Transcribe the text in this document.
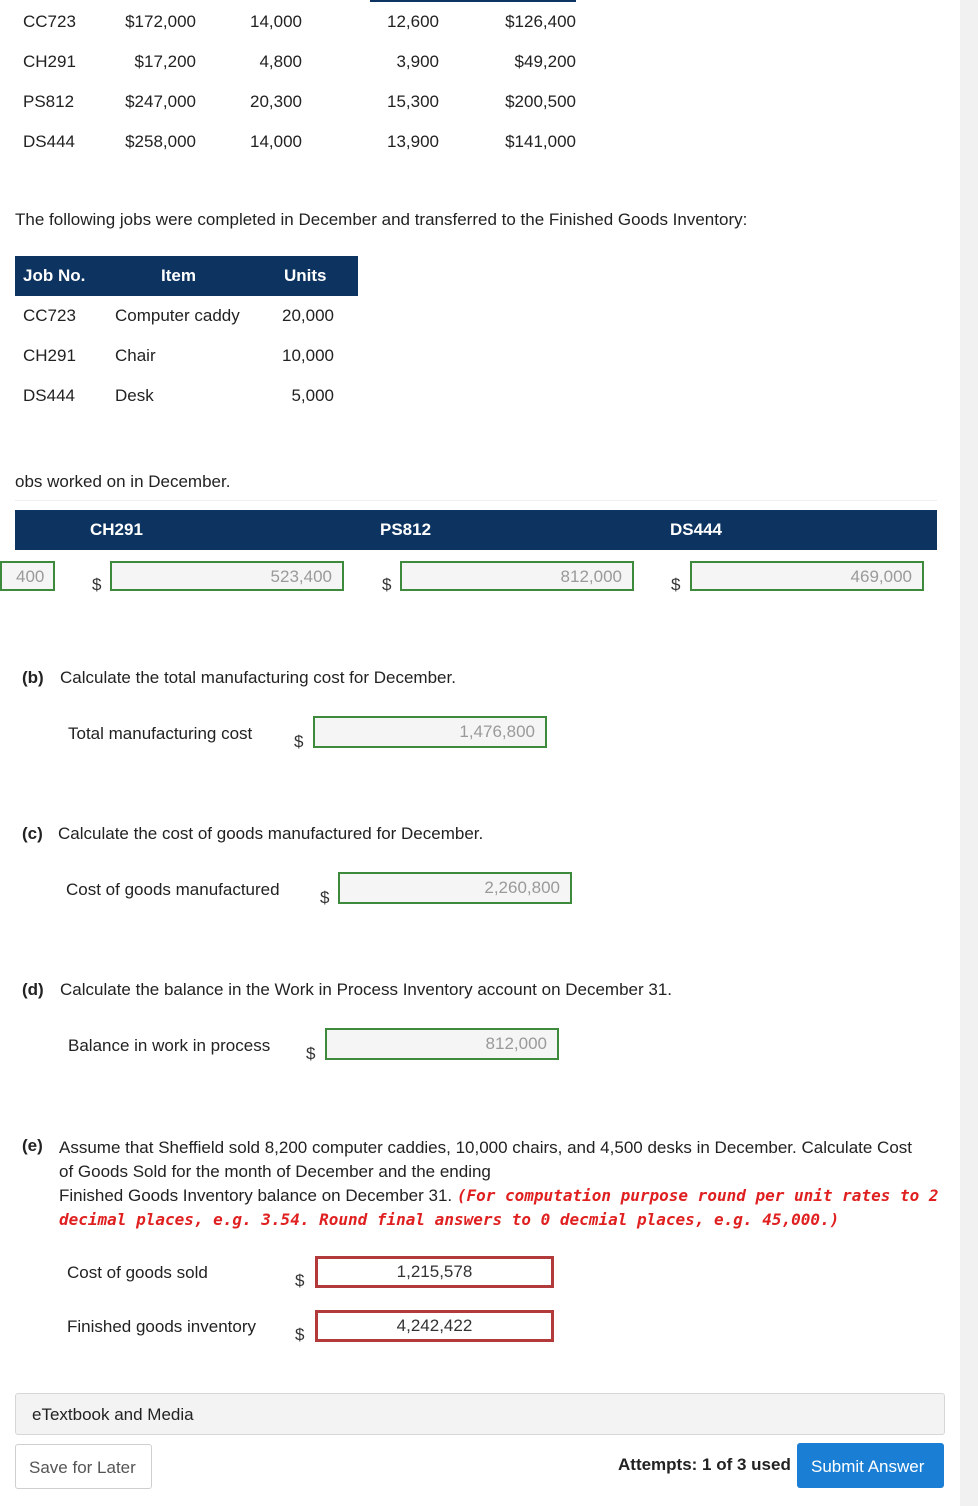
CC723	$172,000	14,000	12,600	$126,400
CH291	$17,200	4,800	3,900	$49,200
PS812	$247,000	20,300	15,300	$200,500
DS444	$258,000	14,000	13,900	$141,000
The following jobs were completed in December and transferred to the Finished Goods Inventory:
Job No.	Item	Units
CC723 Computer caddy	20,000
CH291 Chair	10,000
DS444 Desk	5,000
obs worked on in December.
CH291	PS812	DS444
400	$	523,400	$	812,000	$	469,000
(b) Calculate the total manufacturing cost for December.
Total manufacturing cost $
1,476,800
(c) Calculate the cost of goods manufactured for December.
Cost of goods manufactured $
2,260,800
(d) Calculate the balance in the Work in Process Inventory account on December 31.
Balance in work in process $
812,000
(e) Assume that Sheffield sold 8,200 computer caddies, 10,000 chairs, and 4,500 desks in December. Calculate Cost
of Goods Sold for the month of December and the ending
Finished Goods Inventory balance on December 31. (For computation purpose round per unit rates to 2
decimal places, e.g. 3.54. Round final answers to 0 decmial places, e.g. 45,000.)
Cost of goods sold	$	1,215,578
Finished goods inventory $	4,242,422
eTextbook and Media
Save for Later	Attempts: 1 of 3 used Submit Answer
